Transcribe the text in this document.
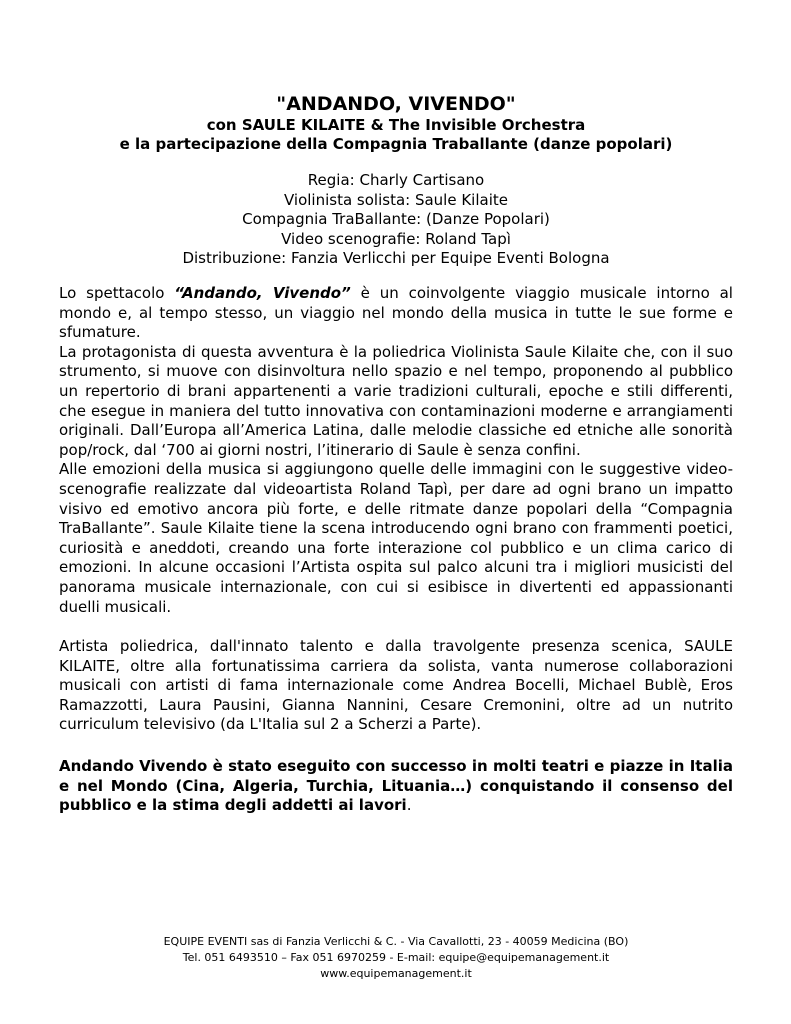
"ANDANDO, VIVENDO"
con SAULE KILAITE & The Invisible Orchestra
e la partecipazione della Compagnia Traballante (danze popolari)
Regia: Charly Cartisano
Violinista solista: Saule Kilaite
Compagnia TraBallante: (Danze Popolari)
Video scenografie: Roland Tapì
Distribuzione: Fanzia Verlicchi per Equipe Eventi Bologna

Lo spettacolo “Andando, Vivendo” è un coinvolgente viaggio musicale intorno al mondo e, al tempo stesso, un viaggio nel mondo della musica in tutte le sue forme e sfumature.

La protagonista di questa avventura è la poliedrica Violinista Saule Kilaite che, con il suo strumento, si muove con disinvoltura nello spazio e nel tempo, proponendo al pubblico un repertorio di brani appartenenti a varie tradizioni culturali, epoche e stili differenti, che esegue in maniera del tutto innovativa con contaminazioni moderne e arrangiamenti originali. Dall’Europa all’America Latina, dalle melodie classiche ed etniche alle sonorità pop/rock, dal ‘700 ai giorni nostri, l’itinerario di Saule è senza confini.

Alle emozioni della musica si aggiungono quelle delle immagini con le suggestive video-scenografie realizzate dal videoartista Roland Tapì, per dare ad ogni brano un impatto visivo ed emotivo ancora più forte, e delle ritmate danze popolari della “Compagnia TraBallante”. Saule Kilaite tiene la scena introducendo ogni brano con frammenti poetici, curiosità e aneddoti, creando una forte interazione col pubblico e un clima carico di emozioni. In alcune occasioni l’Artista ospita sul palco alcuni tra i migliori musicisti del panorama musicale internazionale, con cui si esibisce in divertenti ed appassionanti duelli musicali.

Artista poliedrica, dall'innato talento e dalla travolgente presenza scenica, SAULE KILAITE, oltre alla fortunatissima carriera da solista, vanta numerose collaborazioni musicali con artisti di fama internazionale come Andrea Bocelli, Michael Bublè, Eros Ramazzotti, Laura Pausini, Gianna Nannini, Cesare Cremonini, oltre ad un nutrito curriculum televisivo (da L'Italia sul 2 a Scherzi a Parte).

Andando Vivendo è stato eseguito con successo in molti teatri e piazze in Italia e nel Mondo (Cina, Algeria, Turchia, Lituania…) conquistando il consenso del pubblico e la stima degli addetti ai lavori.

EQUIPE EVENTI sas di Fanzia Verlicchi & C. - Via Cavallotti, 23 - 40059 Medicina (BO)
Tel. 051 6493510 – Fax 051 6970259 - E-mail: equipe@equipemanagement.it
www.equipemanagement.it
